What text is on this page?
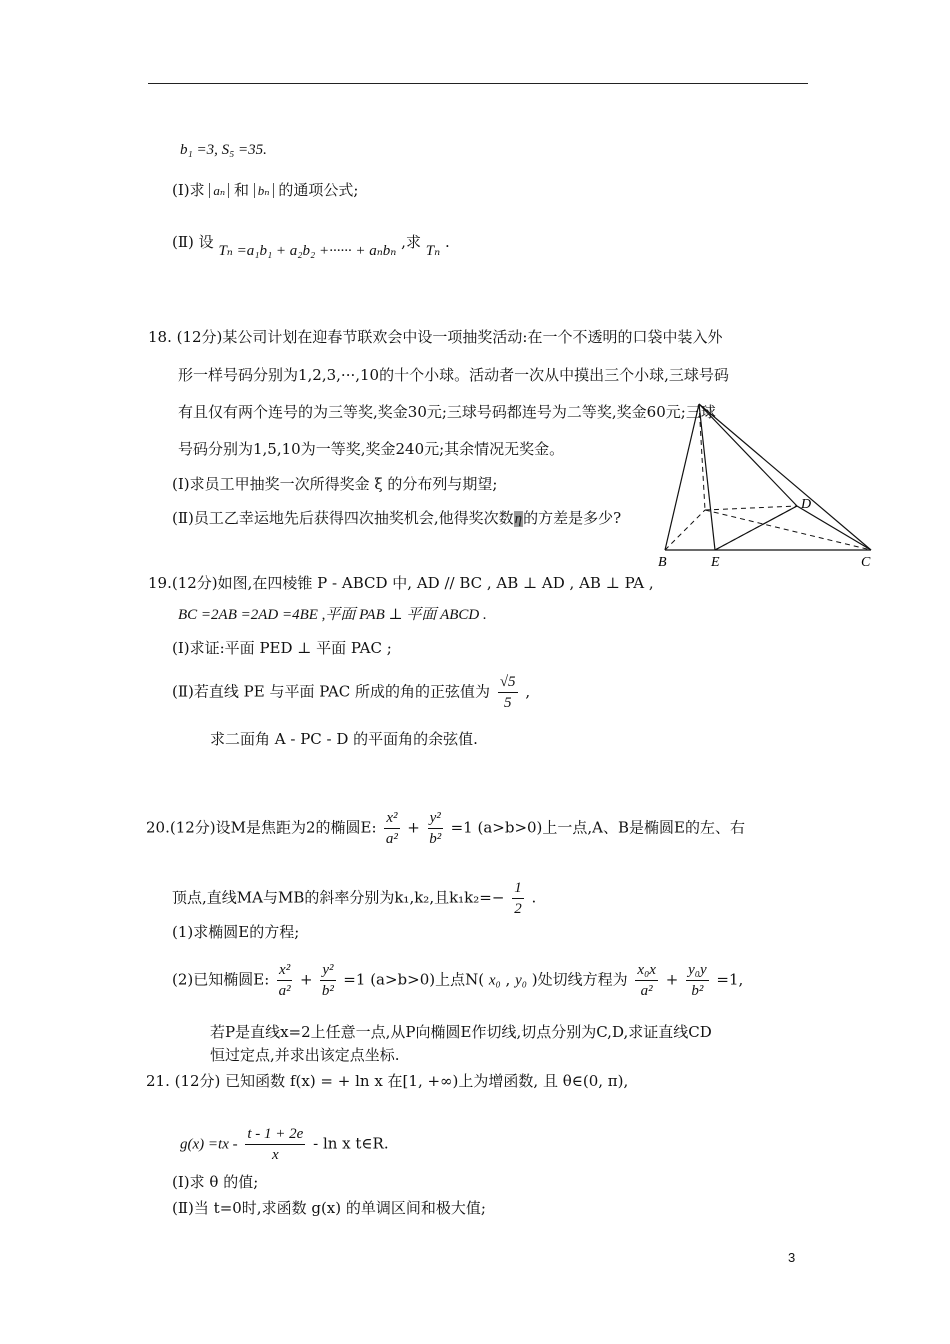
b₁ =3, S₅ =35.
(Ⅰ)求 aₙ 和 bₙ 的通项公式;
(Ⅱ) 设 Tₙ =a₁b₁ + a₂b₂ +······ + aₙbₙ ,求 Tₙ .
18. (12分)某公司计划在迎春节联欢会中设一项抽奖活动:在一个不透明的口袋中装入外
形一样号码分别为1,2,3,···,10的十个小球。活动者一次从中摸出三个小球,三球号码
有且仅有两个连号的为三等奖,奖金30元;三球号码都连号为二等奖,奖金60元;三球
号码分别为1,5,10为一等奖,奖金240元;其余情况无奖金。
(Ⅰ)求员工甲抽奖一次所得奖金 ξ 的分布列与期望;
(Ⅱ)员工乙幸运地先后获得四次抽奖机会,他得奖次数η的方差是多少?
B	E	C
D
19.(12分)如图,在四棱锥 P - ABCD 中, AD // BC , AB ⊥ AD , AB ⊥ PA ,
BC =2AB =2AD =4BE ,平面 PAB ⊥ 平面 ABCD .
(Ⅰ)求证:平面 PED ⊥ 平面 PAC ;
(Ⅱ)若直线 PE 与平面 PAC 所成的角的正弦值为 $\frac{√5}{5}$ ,
求二面角 A - PC - D 的平面角的余弦值.
20.(12分)设M是焦距为2的椭圆E: $\frac{\text{x²}}{\text{a²}} + \frac{\text{y²}}{\text{b²}} =1$ (a>b>0)上一点,A、B是椭圆E的左、右
顶点,直线MA与MB的斜率分别为k₁,k₂,且$k_1k_2=- \frac{1}{2}$ .
(1)求椭圆E的方程;
(2)已知椭圆E: $\frac{\text{x²}}{\text{a²}} + \frac{\text{y²}}{\text{b²}} =1$ (a>b>0)上点N( x₀ , y₀ )处切线方程为 $\frac{\text{x₀x}}{\text{a²}} + \frac{\text{y₀y}}{\text{b²}} =1$,
若P是直线x=2上任意一点,从P向椭圆E作切线,切点分别为C,D,求证直线CD
恒过定点,并求出该定点坐标.
21. (12分) 已知函数 f(x) = + ln x 在[1, +∞)上为增函数, 且 θ∈(0, π),
$g(x) =tx - \frac{t - 1 + 2e}{x} - \ln x$ t∈R.
(Ⅰ)求 θ 的值;
(Ⅱ)当 t=0时,求函数 g(x) 的单调区间和极大值;
3
